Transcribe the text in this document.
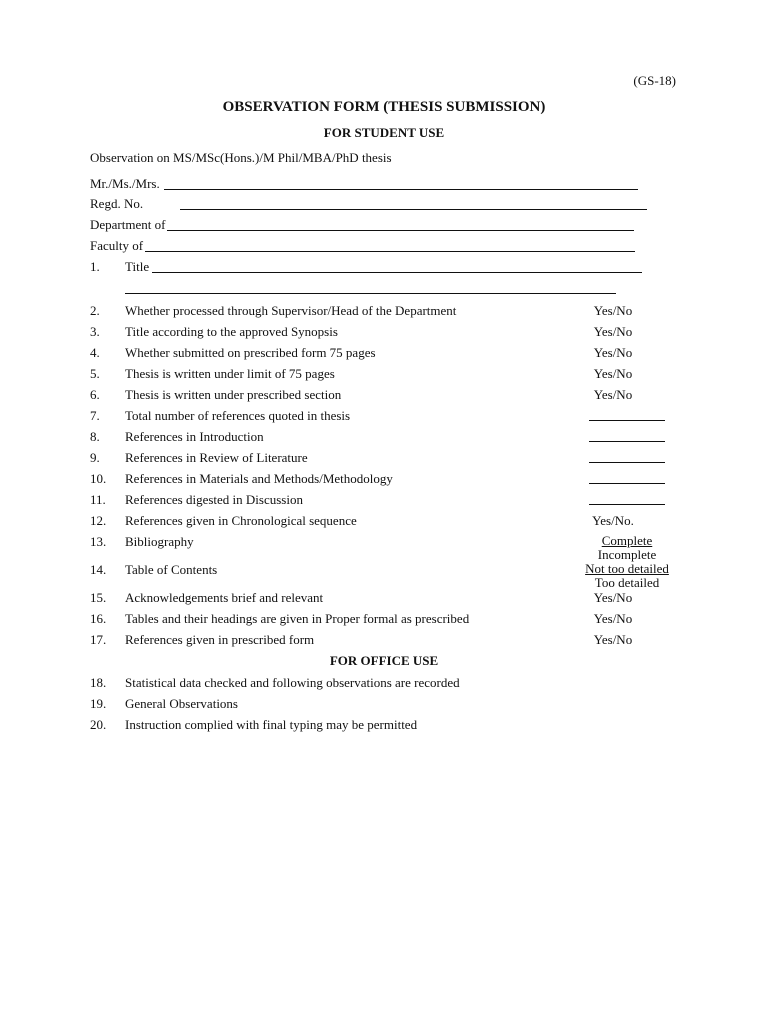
(GS-18)
OBSERVATION FORM (THESIS SUBMISSION)
FOR STUDENT USE
Observation on MS/MSc(Hons.)/M Phil/MBA/PhD thesis
Mr./Ms./Mrs.
Regd. No.
Department of
Faculty of
1.	Title
2.	Whether processed through Supervisor/Head of the Department	Yes/No
3.	Title according to the approved Synopsis	Yes/No
4.	Whether submitted on prescribed form 75 pages	Yes/No
5.	Thesis is written under limit of 75 pages	Yes/No
6.	Thesis is written under prescribed section	Yes/No
7.	Total number of references quoted in thesis
8.	References in Introduction
9.	References in Review of Literature
10.	References in Materials and Methods/Methodology
11.	References digested in Discussion
12.	References given in Chronological sequence	Yes/No.
13.	Bibliography	Complete
Incomplete
14.	Table of Contents	Not too detailed
Too detailed
15.	Acknowledgements brief and relevant	Yes/No
16.	Tables and their headings are given in Proper formal as prescribed	Yes/No
17.	References given in prescribed form	Yes/No
FOR OFFICE USE
18.	Statistical data checked and following observations are recorded
19.	General Observations
20.	Instruction complied with final typing may be permitted
